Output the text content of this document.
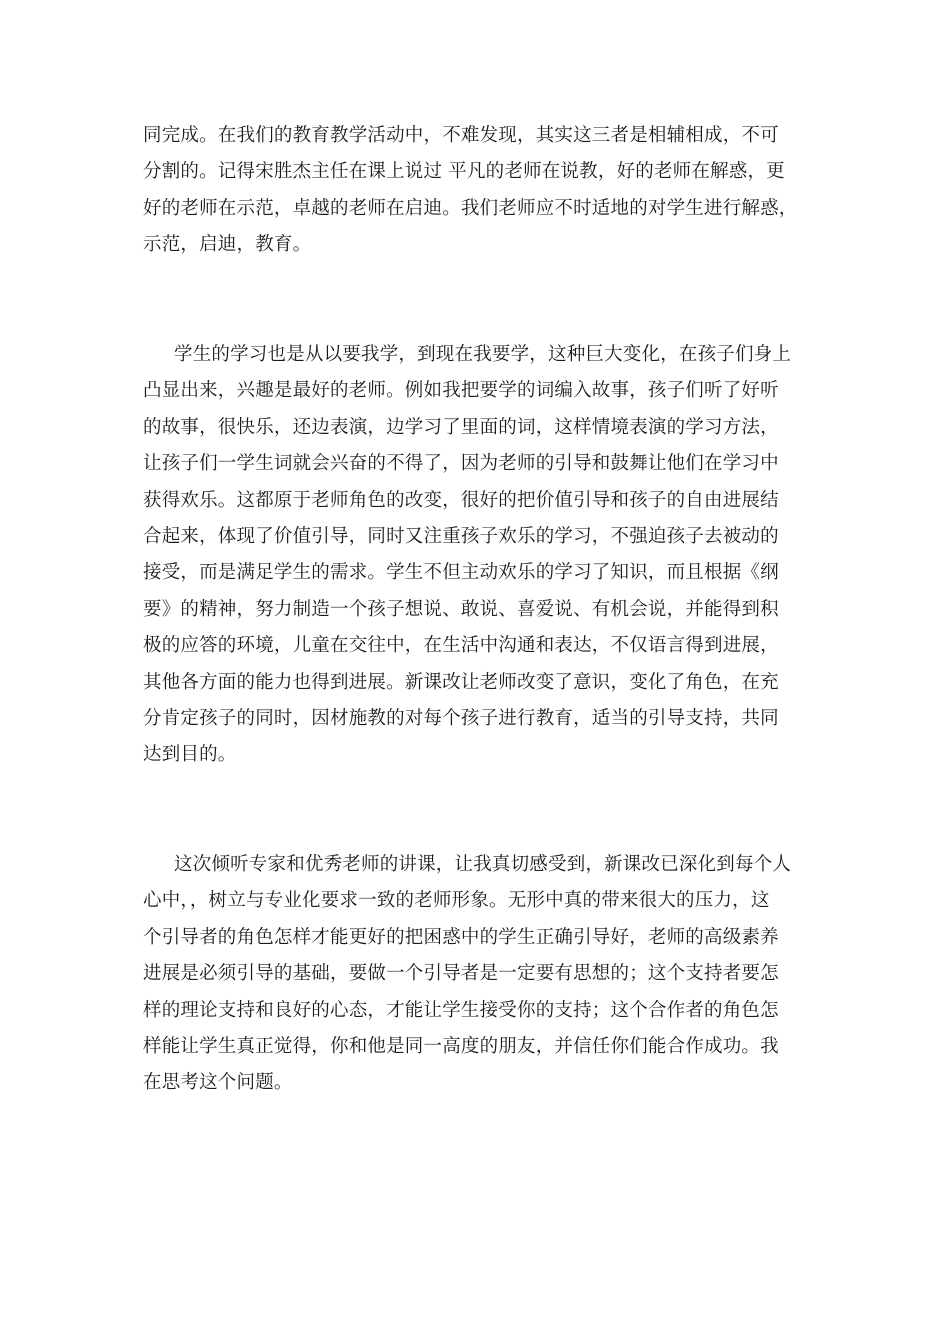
同完成。在我们的教育教学活动中，不难发现，其实这三者是相辅相成，不可
分割的。记得宋胜杰主任在课上说过 平凡的老师在说教，好的老师在解惑，更
好的老师在示范，卓越的老师在启迪。我们老师应不时适地的对学生进行解惑，
示范，启迪，教育。

学生的学习也是从以要我学，到现在我要学，这种巨大变化，在孩子们身上
凸显出来，兴趣是最好的老师。例如我把要学的词编入故事，孩子们听了好听
的故事，很快乐，还边表演，边学习了里面的词，这样情境表演的学习方法，
让孩子们一学生词就会兴奋的不得了，因为老师的引导和鼓舞让他们在学习中
获得欢乐。这都原于老师角色的改变，很好的把价值引导和孩子的自由进展结
合起来，体现了价值引导，同时又注重孩子欢乐的学习，不强迫孩子去被动的
接受，而是满足学生的需求。学生不但主动欢乐的学习了知识，而且根据《纲
要》的精神，努力制造一个孩子想说、敢说、喜爱说、有机会说，并能得到积
极的应答的环境，儿童在交往中，在生活中沟通和表达，不仅语言得到进展，
其他各方面的能力也得到进展。新课改让老师改变了意识，变化了角色，在充
分肯定孩子的同时，因材施教的对每个孩子进行教育，适当的引导支持，共同
达到目的。

这次倾听专家和优秀老师的讲课，让我真切感受到，新课改已深化到每个人
心中，，树立与专业化要求一致的老师形象。无形中真的带来很大的压力，这
个引导者的角色怎样才能更好的把困惑中的学生正确引导好，老师的高级素养
进展是必须引导的基础，要做一个引导者是一定要有思想的；这个支持者要怎
样的理论支持和良好的心态，才能让学生接受你的支持；这个合作者的角色怎
样能让学生真正觉得，你和他是同一高度的朋友，并信任你们能合作成功。我
在思考这个问题。
